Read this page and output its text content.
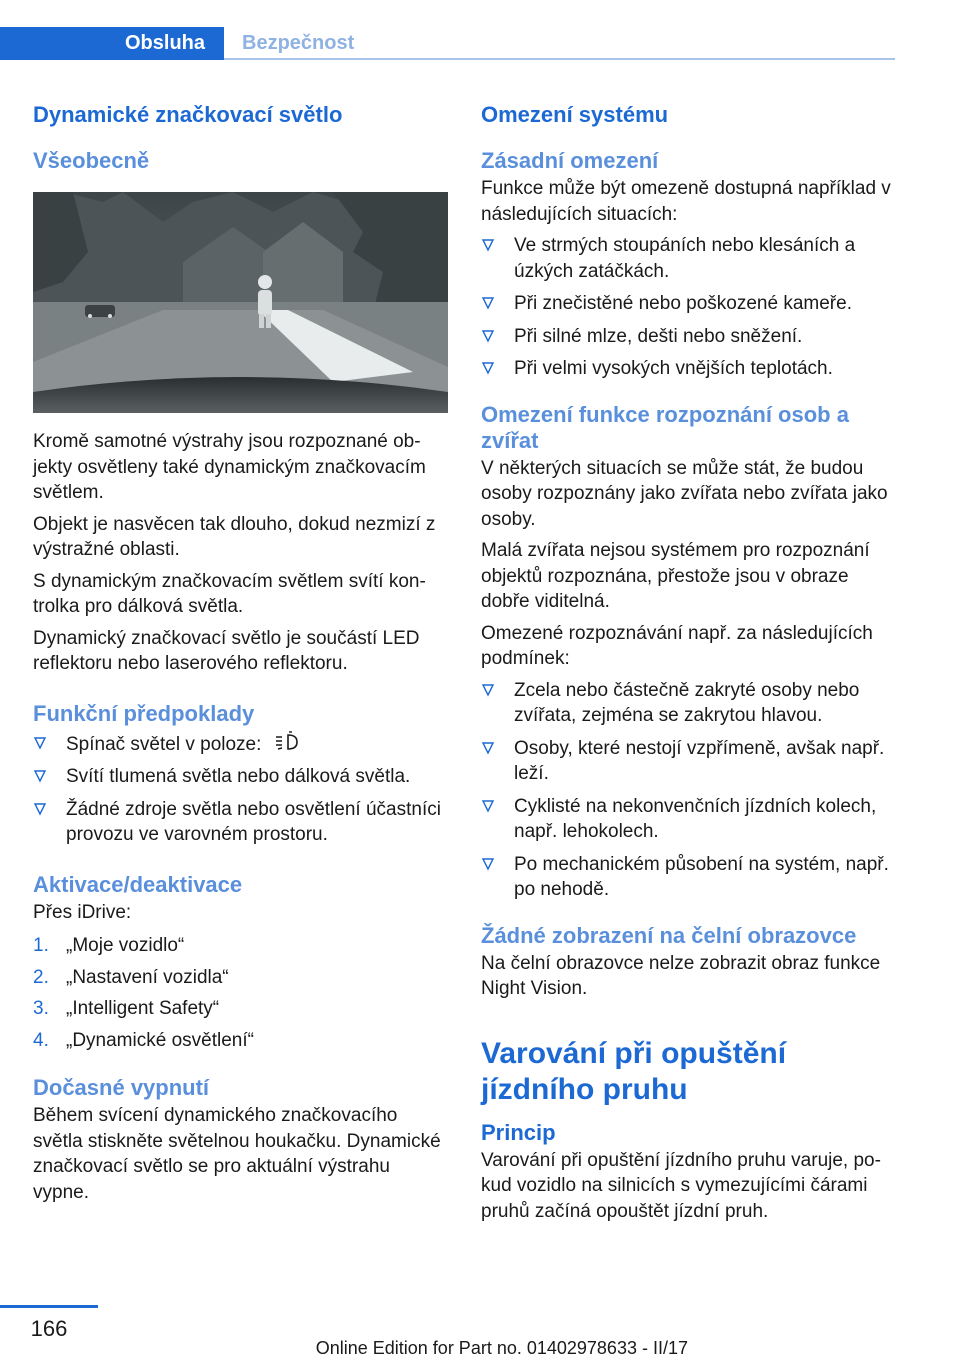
Obsluha	Bezpečnost
Dynamické značkovací světlo
Všeobecně

Kromě samotné výstrahy jsou rozpoznané objekty osvětleny také dynamickým značkovacím světlem.

Objekt je nasvěcen tak dlouho, dokud nezmizí z výstražné oblasti.

S dynamickým značkovacím světlem svítí kontrolka pro dálková světla.

Dynamický značkovací světlo je součástí LED reflektoru nebo laserového reflektoru.

Funkční předpoklady
Spínač světel v poloze:
Svítí tlumená světla nebo dálková světla.
Žádné zdroje světla nebo osvětlení účastníci provozu ve varovném prostoru.
Aktivace/deaktivace

Přes iDrive:

1. „Moje vozidlo“
2. „Nastavení vozidla“
3. „Intelligent Safety“
4. „Dynamické osvětlení“
Dočasné vypnutí

Během svícení dynamického značkovacího světla stiskněte světelnou houkačku. Dynamické značkovací světlo se pro aktuální výstrahu vypne.

Omezení systému
Zásadní omezení

Funkce může být omezeně dostupná například v následujících situacích:

Ve strmých stoupáních nebo klesáních a úzkých zatáčkách.
Při znečistěné nebo poškozené kameře.
Při silné mlze, dešti nebo sněžení.
Při velmi vysokých vnějších teplotách.
Omezení funkce rozpoznání osob a zvířat

V některých situacích se může stát, že budou osoby rozpoznány jako zvířata nebo zvířata jako osoby.

Malá zvířata nejsou systémem pro rozpoznání objektů rozpoznána, přestože jsou v obraze dobře viditelná.

Omezené rozpoznávání např. za následujících podmínek:

Zcela nebo částečně zakryté osoby nebo zvířata, zejména se zakrytou hlavou.
Osoby, které nestojí vzpřímeně, avšak např. leží.
Cyklisté na nekonvenčních jízdních kolech, např. lehokolech.
Po mechanickém působení na systém, např. po nehodě.
Žádné zobrazení na čelní obrazovce

Na čelní obrazovce nelze zobrazit obraz funkce Night Vision.

Varování při opuštění jízdního pruhu
Princip

Varování při opuštění jízdního pruhu varuje, pokud vozidlo na silnicích s vymezujícími čárami pruhů začíná opouštět jízdní pruh.

166
Online Edition for Part no. 01402978633 - II/17
